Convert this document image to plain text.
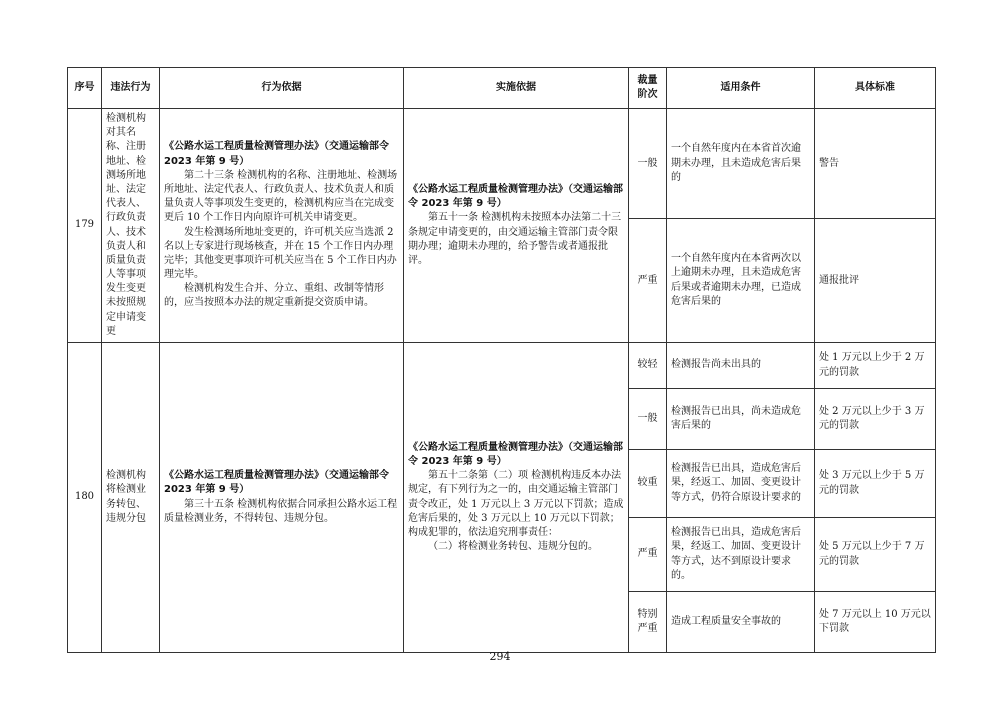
序号	违法行为	行为依据	实施依据	裁量阶次	适用条件	具体标准
179	检测机构对其名称、注册地址、检测场所地址、法定代表人、行政负责人、技术负责人和质量负责人等事项发生变更未按照规定申请变更	《公路水运工程质量检测管理办法》（交通运输部令 2023 年第 9 号）
第二十三条 检测机构的名称、注册地址、检测场所地址、法定代表人、行政负责人、技术负责人和质量负责人等事项发生变更的，检测机构应当在完成变更后 10 个工作日内向原许可机关申请变更。
发生检测场所地址变更的，许可机关应当选派 2 名以上专家进行现场核查，并在 15 个工作日内办理完毕；其他变更事项许可机关应当在 5 个工作日内办理完毕。
检测机构发生合并、分立、重组、改制等情形的，应当按照本办法的规定重新提交资质申请。	《公路水运工程质量检测管理办法》（交通运输部令 2023 年第 9 号）
第五十一条 检测机构未按照本办法第二十三条规定申请变更的，由交通运输主管部门责令限期办理；逾期未办理的，给予警告或者通报批评。	一般	一个自然年度内在本省首次逾期未办理，且未造成危害后果的	警告
				严重	一个自然年度内在本省两次以上逾期未办理，且未造成危害后果或者逾期未办理，已造成危害后果的	通报批评
180	检测机构将检测业务转包、违规分包	《公路水运工程质量检测管理办法》（交通运输部令 2023 年第 9 号）
第三十五条 检测机构依据合同承担公路水运工程质量检测业务，不得转包、违规分包。	《公路水运工程质量检测管理办法》（交通运输部令 2023 年第 9 号）
第五十二条第（二）项 检测机构违反本办法规定，有下列行为之一的，由交通运输主管部门责令改正，处 1 万元以上 3 万元以下罚款；造成危害后果的，处 3 万元以上 10 万元以下罚款；构成犯罪的，依法追究刑事责任：
（二）将检测业务转包、违规分包的。	较轻	检测报告尚未出具的	处 1 万元以上少于 2 万元的罚款
				一般	检测报告已出具，尚未造成危害后果的	处 2 万元以上少于 3 万元的罚款
				较重	检测报告已出具，造成危害后果，经返工、加固、变更设计等方式，仍符合原设计要求的	处 3 万元以上少于 5 万元的罚款
				严重	检测报告已出具，造成危害后果，经返工、加固、变更设计等方式，达不到原设计要求的。	处 5 万元以上少于 7 万元的罚款
				特别严重	造成工程质量安全事故的	处 7 万元以上 10 万元以下罚款
294
